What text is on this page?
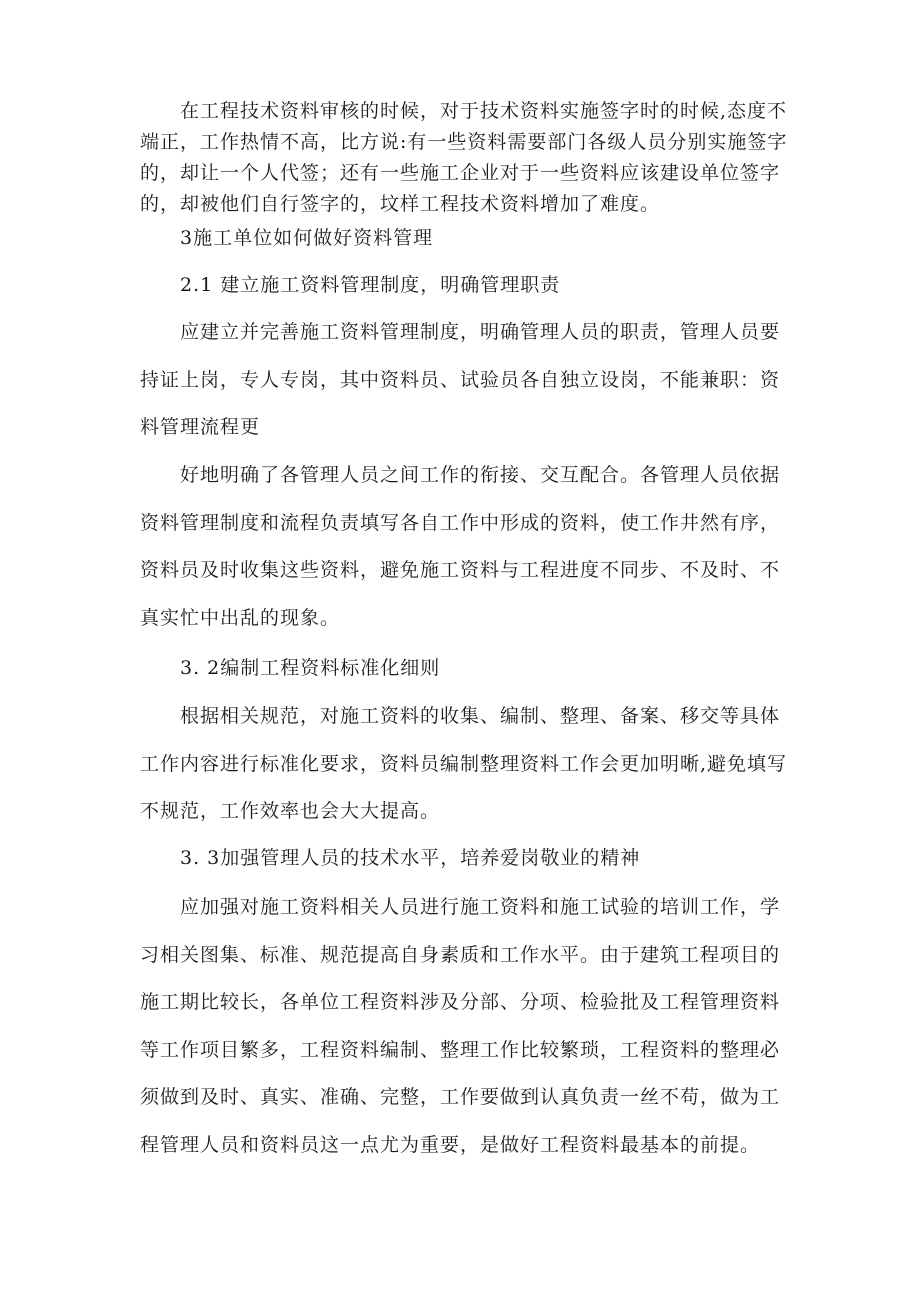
在工程技术资料审核的时候，对于技术资料实施签字时的时候,态度不
端正，工作热情不高，比方说:有一些资料需要部门各级人员分别实施签字
的，却让一个人代签；还有一些施工企业对于一些资料应该建设单位签字
的，却被他们自行签字的，坟样工程技术资料增加了难度。
3施工单位如何做好资料管理
2.1 建立施工资料管理制度，明确管理职责
应建立并完善施工资料管理制度，明确管理人员的职责，管理人员要
持证上岗，专人专岗，其中资料员、试验员各自独立设岗，不能兼职：资
料管理流程更
好地明确了各管理人员之间工作的衔接、交互配合。各管理人员依据
资料管理制度和流程负责填写各自工作中形成的资料，使工作井然有序，
资料员及时收集这些资料，避免施工资料与工程进度不同步、不及时、不
真实忙中出乱的现象。
3. 2编制工程资料标准化细则
根据相关规范，对施工资料的收集、编制、整理、备案、移交等具体
工作内容进行标准化要求，资料员编制整理资料工作会更加明晰,避免填写
不规范，工作效率也会大大提高。
3. 3加强管理人员的技术水平，培养爱岗敬业的精神
应加强对施工资料相关人员进行施工资料和施工试验的培训工作，学
习相关图集、标准、规范提高自身素质和工作水平。由于建筑工程项目的
施工期比较长，各单位工程资料涉及分部、分项、检验批及工程管理资料
等工作项目繁多，工程资料编制、整理工作比较繁琐，工程资料的整理必
须做到及时、真实、准确、完整，工作要做到认真负责一丝不苟，做为工
程管理人员和资料员这一点尤为重要，是做好工程资料最基本的前提。
